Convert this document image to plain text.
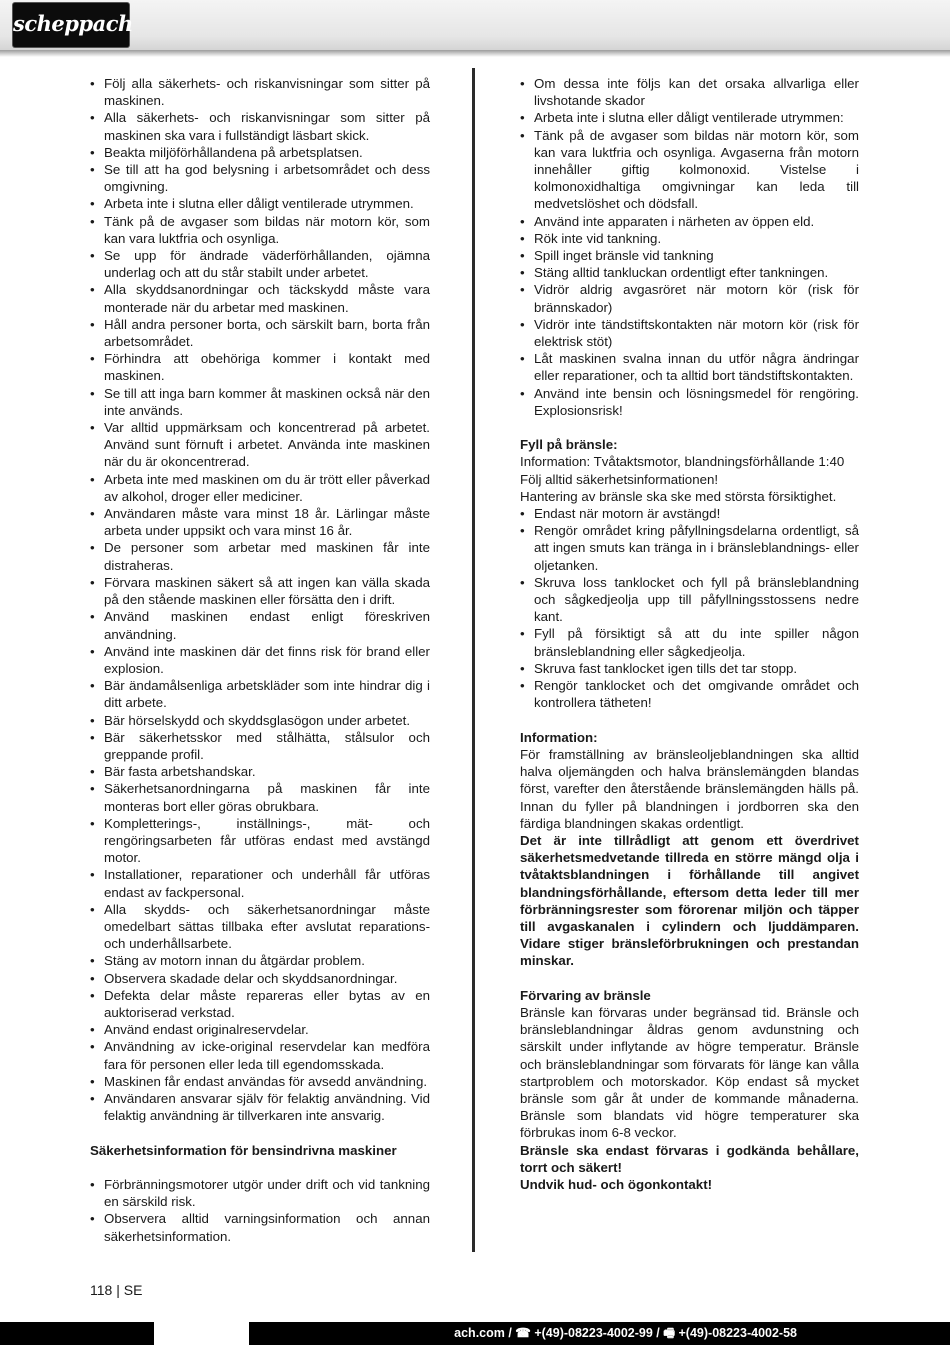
scheppach
• Följ alla säkerhets- och riskanvisningar som sitter på maskinen.
• Alla säkerhets- och riskanvisningar som sitter på maskinen ska vara i fullständigt läsbart skick.
• Beakta miljöförhållandena på arbetsplatsen.
• Se till att ha god belysning i arbetsområdet och dess omgivning.
• Arbeta inte i slutna eller dåligt ventilerade utrymmen.
• Tänk på de avgaser som bildas när motorn kör, som kan vara luktfria och osynliga.
• Se upp för ändrade väderförhållanden, ojämna underlag och att du står stabilt under arbetet.
• Alla skyddsanordningar och täckskydd måste vara monterade när du arbetar med maskinen.
• Håll andra personer borta, och särskilt barn, borta från arbetsområdet.
• Förhindra att obehöriga kommer i kontakt med maskinen.
• Se till att inga barn kommer åt maskinen också när den inte används.
• Var alltid uppmärksam och koncentrerad på arbetet. Använd sunt förnuft i arbetet. Använda inte maskinen när du är okoncentrerad.
• Arbeta inte med maskinen om du är trött eller påverkad av alkohol, droger eller mediciner.
• Användaren måste vara minst 18 år. Lärlingar måste arbeta under uppsikt och vara minst 16 år.
• De personer som arbetar med maskinen får inte distraheras.
• Förvara maskinen säkert så att ingen kan välla skada på den stående maskinen eller försätta den i drift.
• Använd maskinen endast enligt föreskriven användning.
• Använd inte maskinen där det finns risk för brand eller explosion.
• Bär ändamålsenliga arbetskläder som inte hindrar dig i ditt arbete.
• Bär hörselskydd och skyddsglasögon under arbetet.
• Bär säkerhetsskor med stålhätta, stålsulor och greppande profil.
• Bär fasta arbetshandskar.
• Säkerhetsanordningarna på maskinen får inte monteras bort eller göras obrukbara.
• Kompletterings-, inställnings-, mät- och rengöringsarbeten får utföras endast med avstängd motor.
• Installationer, reparationer och underhåll får utföras endast av fackpersonal.
• Alla skydds- och säkerhetsanordningar måste omedelbart sättas tillbaka efter avslutat reparations- och underhållsarbete.
• Stäng av motorn innan du åtgärdar problem.
• Observera skadade delar och skyddsanordningar.
• Defekta delar måste repareras eller bytas av en auktoriserad verkstad.
• Använd endast originalreservdelar.
• Användning av icke-original reservdelar kan medföra fara för personen eller leda till egendomsskada.
• Maskinen får endast användas för avsedd användning.
• Användaren ansvarar själv för felaktig användning. Vid felaktig användning är tillverkaren inte ansvarig.
Säkerhetsinformation för bensindrivna maskiner
• Förbränningsmotorer utgör under drift och vid tankning en särskild risk.
• Observera alltid varningsinformation och annan säkerhetsinformation.
• Om dessa inte följs kan det orsaka allvarliga eller livshotande skador
• Arbeta inte i slutna eller dåligt ventilerade utrymmen:
• Tänk på de avgaser som bildas när motorn kör, som kan vara luktfria och osynliga. Avgaserna från motorn innehåller giftig kolmonoxid. Vistelse i kolmonoxidhaltiga omgivningar kan leda till medvetslöshet och dödsfall.
• Använd inte apparaten i närheten av öppen eld.
• Rök inte vid tankning.
• Spill inget bränsle vid tankning
• Stäng alltid tankluckan ordentligt efter tankningen.
• Vidrör aldrig avgasröret när motorn kör (risk för brännskador)
• Vidrör inte tändstiftskontakten när motorn kör (risk för elektrisk stöt)
• Låt maskinen svalna innan du utför några ändringar eller reparationer, och ta alltid bort tändstiftskontakten.
• Använd inte bensin och lösningsmedel för rengöring. Explosionsrisk!
Fyll på bränsle:

Information: Tvåtaktsmotor, blandningsförhållande 1:40

Följ alltid säkerhetsinformationen!

Hantering av bränsle ska ske med största försiktighet.

• Endast när motorn är avstängd!
• Rengör området kring påfyllningsdelarna ordentligt, så att ingen smuts kan tränga in i bränsleblandnings- eller oljetanken.
• Skruva loss tanklocket och fyll på bränsleblandning och sågkedjeolja upp till påfyllningsstossens nedre kant.
• Fyll på försiktigt så att du inte spiller någon bränsleblandning eller sågkedjeolja.
• Skruva fast tanklocket igen tills det tar stopp.
• Rengör tanklocket och det omgivande området och kontrollera tätheten!
Information:

För framställning av bränsleoljeblandningen ska alltid halva oljemängden och halva bränslemängden blandas först, varefter den återstående bränslemängden hälls på. Innan du fyller på blandningen i jordborren ska den färdiga blandningen skakas ordentligt.

Det är inte tillrådligt att genom ett överdrivet säkerhetsmedvetande tillreda en större mängd olja i tvåtaktsblandningen i förhållande till angivet blandningsförhållande, eftersom detta leder till mer förbränningsrester som förorenar miljön och täpper till avgaskanalen i cylindern och ljuddämparen. Vidare stiger bränsleförbrukningen och prestandan minskar.

Förvaring av bränsle

Bränsle kan förvaras under begränsad tid. Bränsle och bränsleblandningar åldras genom avdunstning och särskilt under inflytande av högre temperatur. Bränsle och bränsleblandningar som förvarats för länge kan vålla startproblem och motorskador. Köp endast så mycket bränsle som går åt under de kommande månaderna. Bränsle som blandats vid högre temperaturer ska förbrukas inom 6-8 veckor.

Bränsle ska endast förvaras i godkända behållare, torrt och säkert!

Undvik hud- och ögonkontakt!

118 | SE
ach.com / ☎ +(49)-08223-4002-99 / 🖷 +(49)-08223-4002-58
